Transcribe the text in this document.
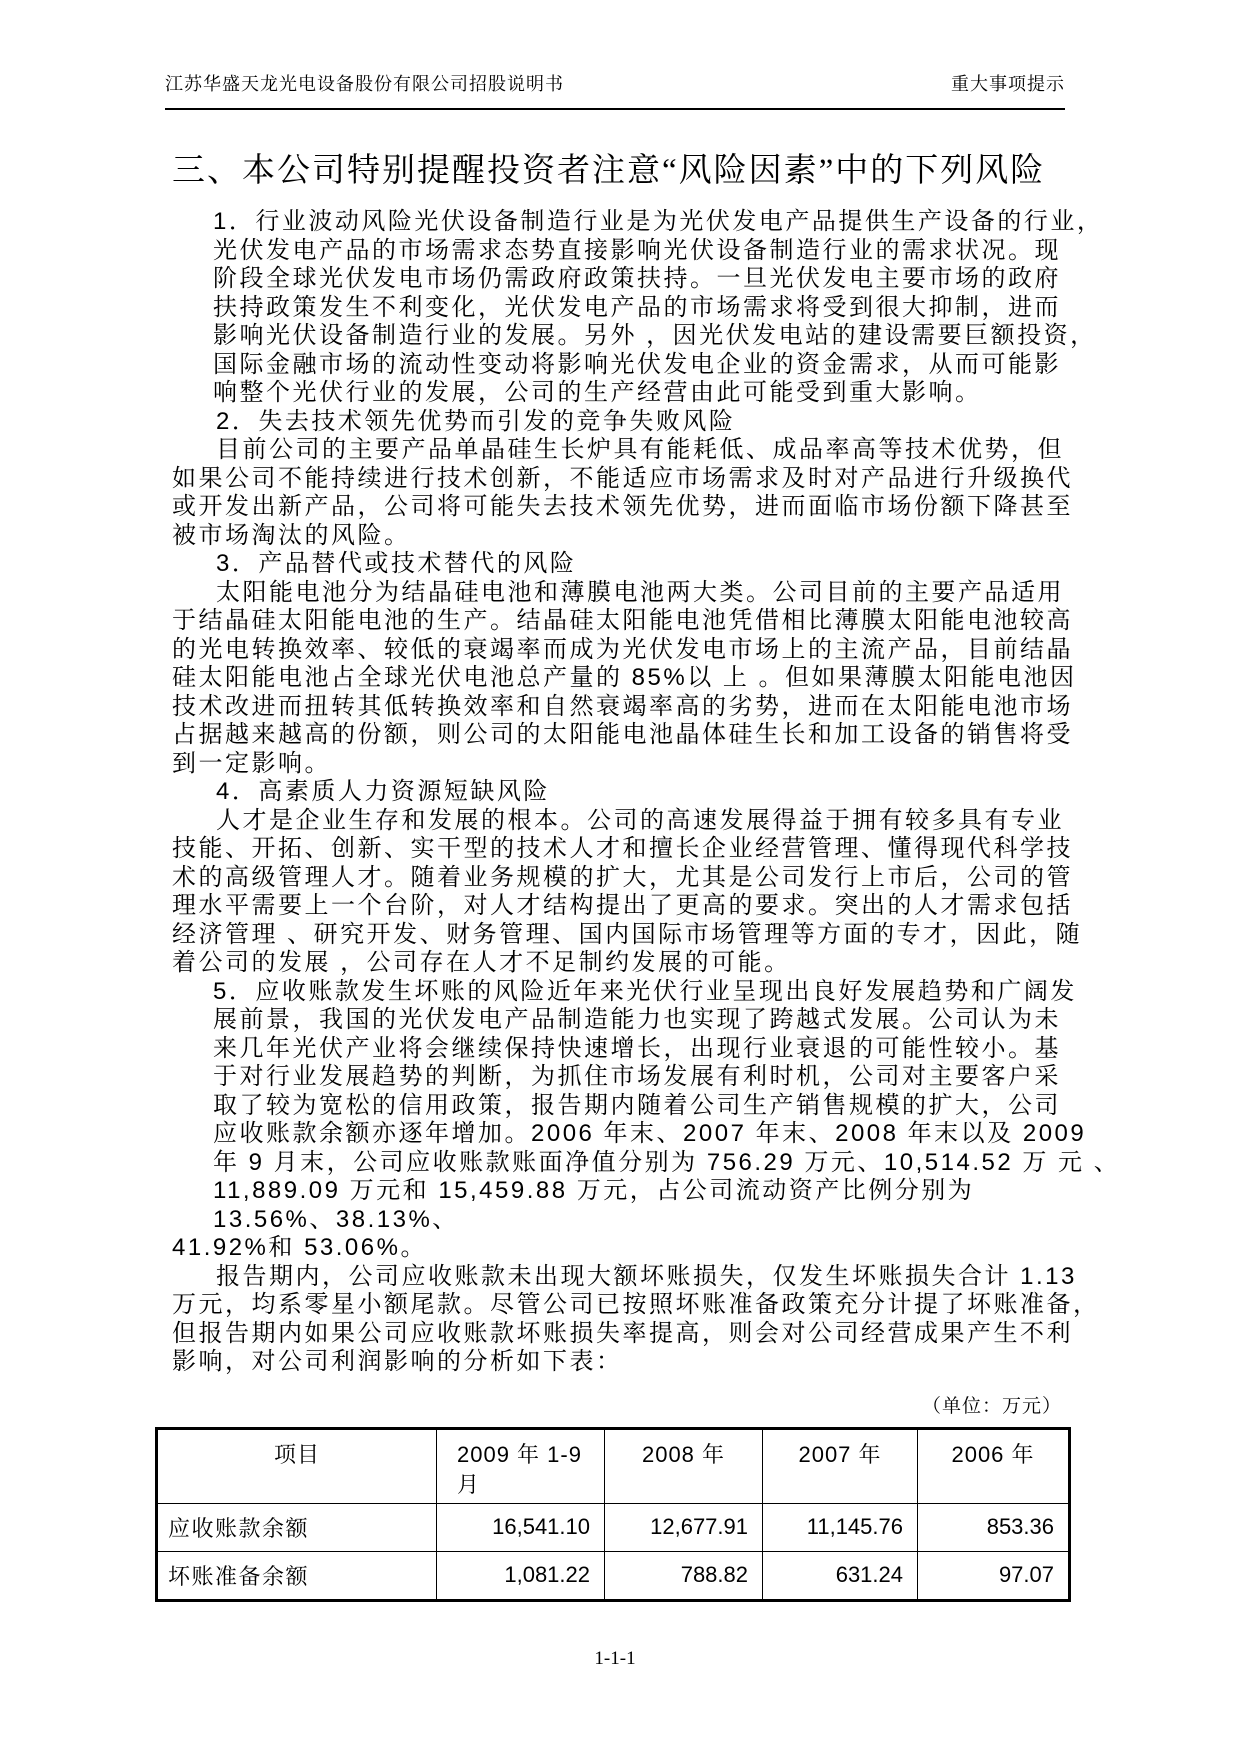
江苏华盛天龙光电设备股份有限公司招股说明书	重大事项提示
三、本公司特别提醒投资者注意“风险因素”中的下列风险
1．行业波动风险光伏设备制造行业是为光伏发电产品提供生产设备的行业，
光伏发电产品的市场需求态势直接影响光伏设备制造行业的需求状况。现
阶段全球光伏发电市场仍需政府政策扶持。一旦光伏发电主要市场的政府
扶持政策发生不利变化，光伏发电产品的市场需求将受到很大抑制，进而
影响光伏设备制造行业的发展。另外 ，因光伏发电站的建设需要巨额投资，
国际金融市场的流动性变动将影响光伏发电企业的资金需求，从而可能影
响整个光伏行业的发展，公司的生产经营由此可能受到重大影响。
2．失去技术领先优势而引发的竞争失败风险
目前公司的主要产品单晶硅生长炉具有能耗低、成品率高等技术优势，但
如果公司不能持续进行技术创新，不能适应市场需求及时对产品进行升级换代
或开发出新产品，公司将可能失去技术领先优势，进而面临市场份额下降甚至
被市场淘汰的风险。
3．产品替代或技术替代的风险
太阳能电池分为结晶硅电池和薄膜电池两大类。公司目前的主要产品适用
于结晶硅太阳能电池的生产。结晶硅太阳能电池凭借相比薄膜太阳能电池较高
的光电转换效率、较低的衰竭率而成为光伏发电市场上的主流产品，目前结晶
硅太阳能电池占全球光伏电池总产量的 85%以 上 。但如果薄膜太阳能电池因
技术改进而扭转其低转换效率和自然衰竭率高的劣势，进而在太阳能电池市场
占据越来越高的份额，则公司的太阳能电池晶体硅生长和加工设备的销售将受
到一定影响。
4．高素质人力资源短缺风险
人才是企业生存和发展的根本。公司的高速发展得益于拥有较多具有专业
技能、开拓、创新、实干型的技术人才和擅长企业经营管理、懂得现代科学技
术的高级管理人才。随着业务规模的扩大，尤其是公司发行上市后，公司的管
理水平需要上一个台阶，对人才结构提出了更高的要求。突出的人才需求包括
经济管理 、研究开发、财务管理、国内国际市场管理等方面的专才，因此，随
着公司的发展 ，公司存在人才不足制约发展的可能。
5．应收账款发生坏账的风险近年来光伏行业呈现出良好发展趋势和广阔发
展前景，我国的光伏发电产品制造能力也实现了跨越式发展。公司认为未
来几年光伏产业将会继续保持快速增长，出现行业衰退的可能性较小。基
于对行业发展趋势的判断，为抓住市场发展有利时机，公司对主要客户采
取了较为宽松的信用政策，报告期内随着公司生产销售规模的扩大，公司
应收账款余额亦逐年增加。2006 年末、2007 年末、2008 年末以及 2009
年 9 月末，公司应收账款账面净值分别为 756.29 万元、10,514.52 万 元 、
11,889.09 万元和 15,459.88 万元，占公司流动资产比例分别为
13.56%、38.13%、
41.92%和 53.06%。
报告期内，公司应收账款未出现大额坏账损失，仅发生坏账损失合计 1.13
万元，均系零星小额尾款。尽管公司已按照坏账准备政策充分计提了坏账准备，
但报告期内如果公司应收账款坏账损失率提高，则会对公司经营成果产生不利
影响，对公司利润影响的分析如下表：
（单位：万元）
项目	2009 年 1-9 月	2008 年	2007 年	2006 年
应收账款余额	16,541.10	12,677.91	11,145.76	853.36
坏账准备余额	1,081.22	788.82	631.24	97.07
1-1-1
